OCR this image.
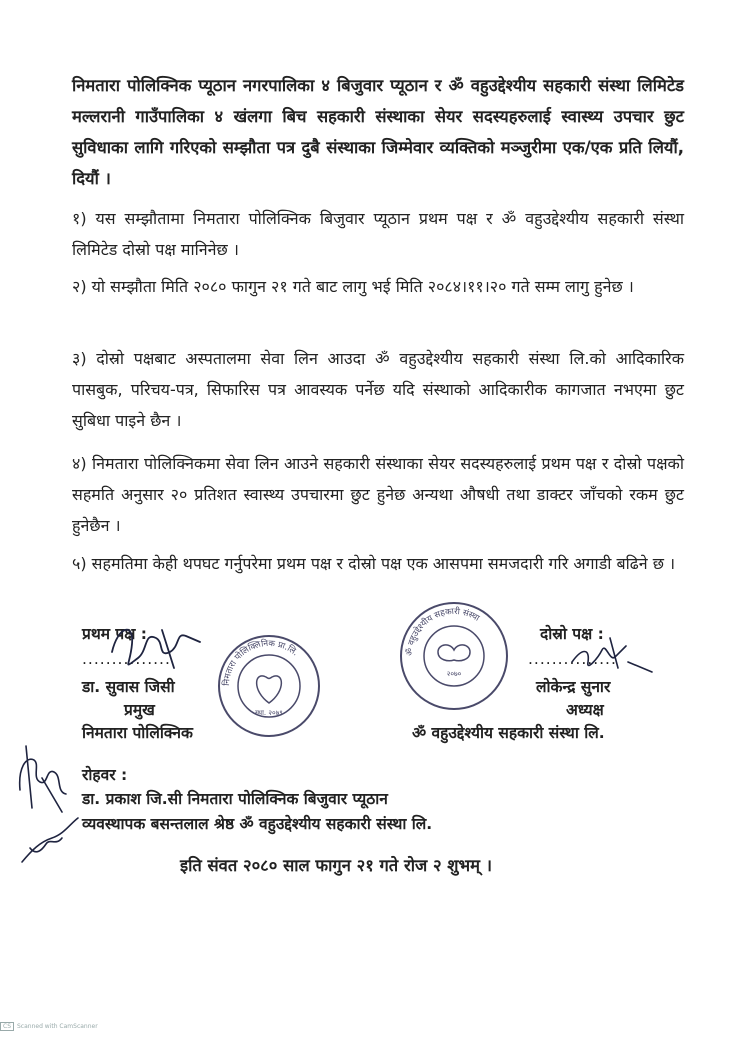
निमतारा पोलिक्निक प्यूठान नगरपालिका ४ बिजुवार प्यूठान र ॐ वहुउद्देश्यीय सहकारी संस्था लिमिटेड मल्लरानी गाउँपालिका ४ खंलगा बिच सहकारी संस्थाका सेयर सदस्यहरुलाई स्वास्थ्य उपचार छुट सुविधाका लागि गरिएको सम्झौता पत्र दुबै संस्थाका जिम्मेवार व्यक्तिको मञ्जुरीमा एक/एक प्रति लियौं, दियौं ।
१) यस सम्झौतामा निमतारा पोलिक्निक बिजुवार प्यूठान प्रथम पक्ष र ॐ वहुउद्देश्यीय सहकारी संस्था लिमिटेड दोस्रो पक्ष मानिनेछ ।
२) यो सम्झौता मिति २०८० फागुन २१ गते बाट लागु भई मिति २०८४।११।२० गते सम्म लागु हुनेछ ।
३) दोस्रो पक्षबाट अस्पतालमा सेवा लिन आउदा ॐ वहुउद्देश्यीय सहकारी संस्था लि.को आदिकारिक पासबुक, परिचय-पत्र, सिफारिस पत्र आवस्यक पर्नेछ यदि संस्थाको आदिकारीक कागजात नभएमा छुट सुबिधा पाइने छैन ।
४) निमतारा पोलिक्निकमा सेवा लिन आउने सहकारी संस्थाका सेयर सदस्यहरुलाई प्रथम पक्ष र दोस्रो पक्षको सहमति अनुसार २० प्रतिशत स्वास्थ्य उपचारमा छुट हुनेछ अन्यथा औषधी तथा डाक्टर जाँचको रकम छुट हुनेछैन ।
५) सहमतिमा केही थपघट गर्नुपरेमा प्रथम पक्ष र दोस्रो पक्ष एक आसपमा समजदारी गरि अगाडी बढिने छ ।
प्रथम पक्ष :
...............
डा. सुवास जिसी
प्रमुख
निमतारा पोलिक्निक
निमतारा पोलिक्लिनिक प्रा.लि.
स्था. २०७९
ॐ वहुउद्देश्यीय सहकारी संस्था
२०७०
दोस्रो पक्ष :
...............
लोकेन्द्र सुनार
अध्यक्ष
ॐ वहुउद्देश्यीय सहकारी संस्था लि.
रोहवर :
डा. प्रकाश जि.सी निमतारा पोलिक्निक बिजुवार प्यूठान
व्यवस्थापक बसन्तलाल श्रेष्ठ ॐ वहुउद्देश्यीय सहकारी संस्था लि.
इति संवत २०८० साल फागुन २१ गते रोज २ शुभम् ।
CS Scanned with CamScanner
